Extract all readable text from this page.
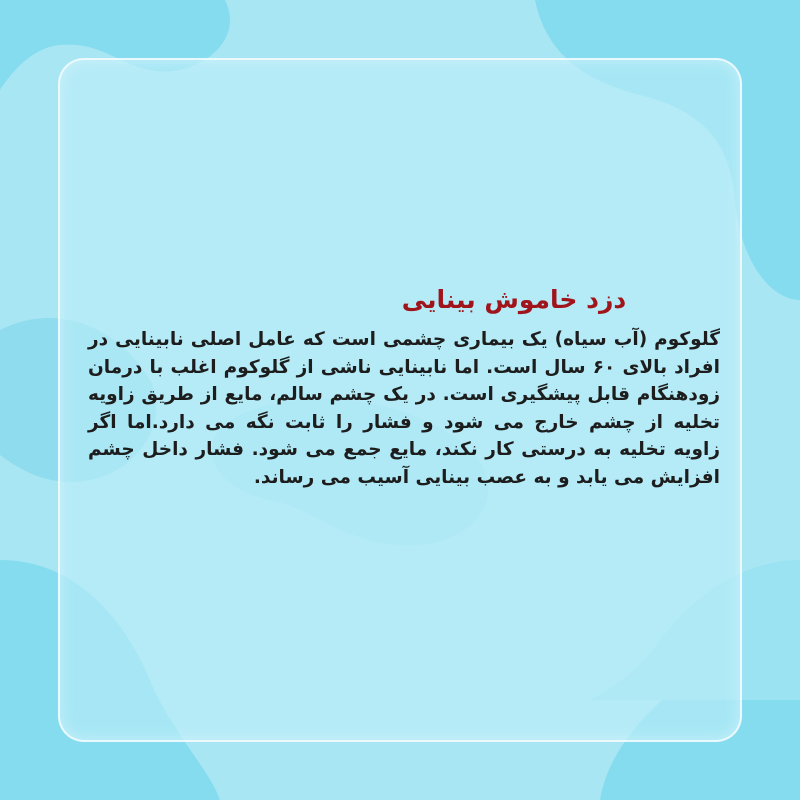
دزد خاموش بینایی

گلوکوم (آب سیاه) یک بیماری چشمی است که عامل اصلی نابینایی در افراد بالای ۶۰ سال است. اما نابینایی ناشی از گلوکوم اغلب با درمان زودهنگام قابل پیشگیری است. در یک چشم سالم، مایع از طریق زاویه تخلیه از چشم خارج می شود و فشار را ثابت نگه می دارد.اما اگر زاویه تخلیه به درستی کار نکند، مایع جمع می شود. فشار داخل چشم افزایش می یابد و به عصب بینایی آسیب می رساند.
